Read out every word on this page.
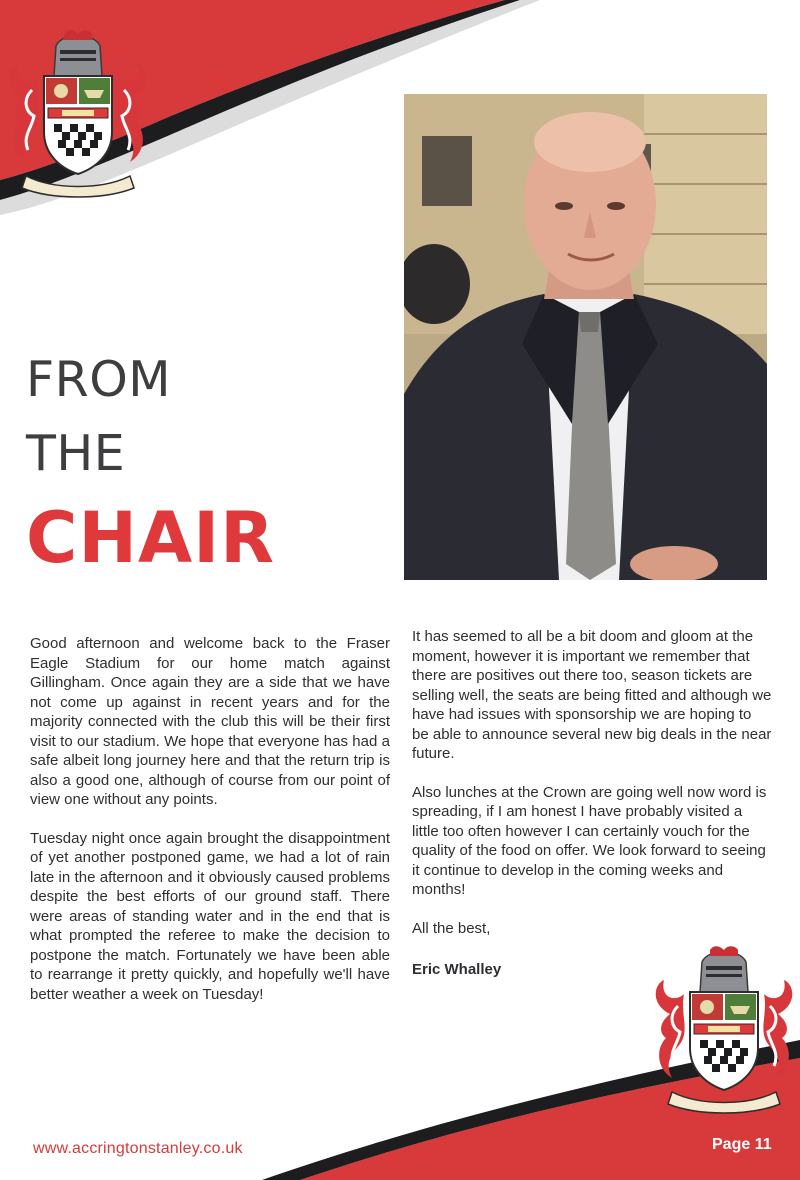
FROM
THE
CHAIR

Good afternoon and welcome back to the Fraser Eagle Stadium for our home match against Gillingham. Once again they are a side that we have not come up against in recent years and for the majority connected with the club this will be their first visit to our stadium. We hope that everyone has had a safe albeit long journey here and that the return trip is also a good one, although of course from our point of view one without any points.

Tuesday night once again brought the disappointment of yet another postponed game, we had a lot of rain late in the afternoon and it obviously caused problems despite the best efforts of our ground staff. There were areas of standing water and in the end that is what prompted the referee to make the decision to postpone the match. Fortunately we have been able to rearrange it pretty quickly, and hopefully we'll have better weather a week on Tuesday!

It has seemed to all be a bit doom and gloom at the moment, however it is important we remember that there are positives out there too, season tickets are selling well, the seats are being fitted and although we have had issues with sponsorship we are hoping to be able to announce several new big deals in the near future.

Also lunches at the Crown are going well now word is spreading, if I am honest I have probably visited a little too often however I can certainly vouch for the quality of the food on offer. We look forward to seeing it continue to develop in the coming weeks and months!

All the best,

Eric Whalley
www.accringtonstanley.co.uk	Page 11
